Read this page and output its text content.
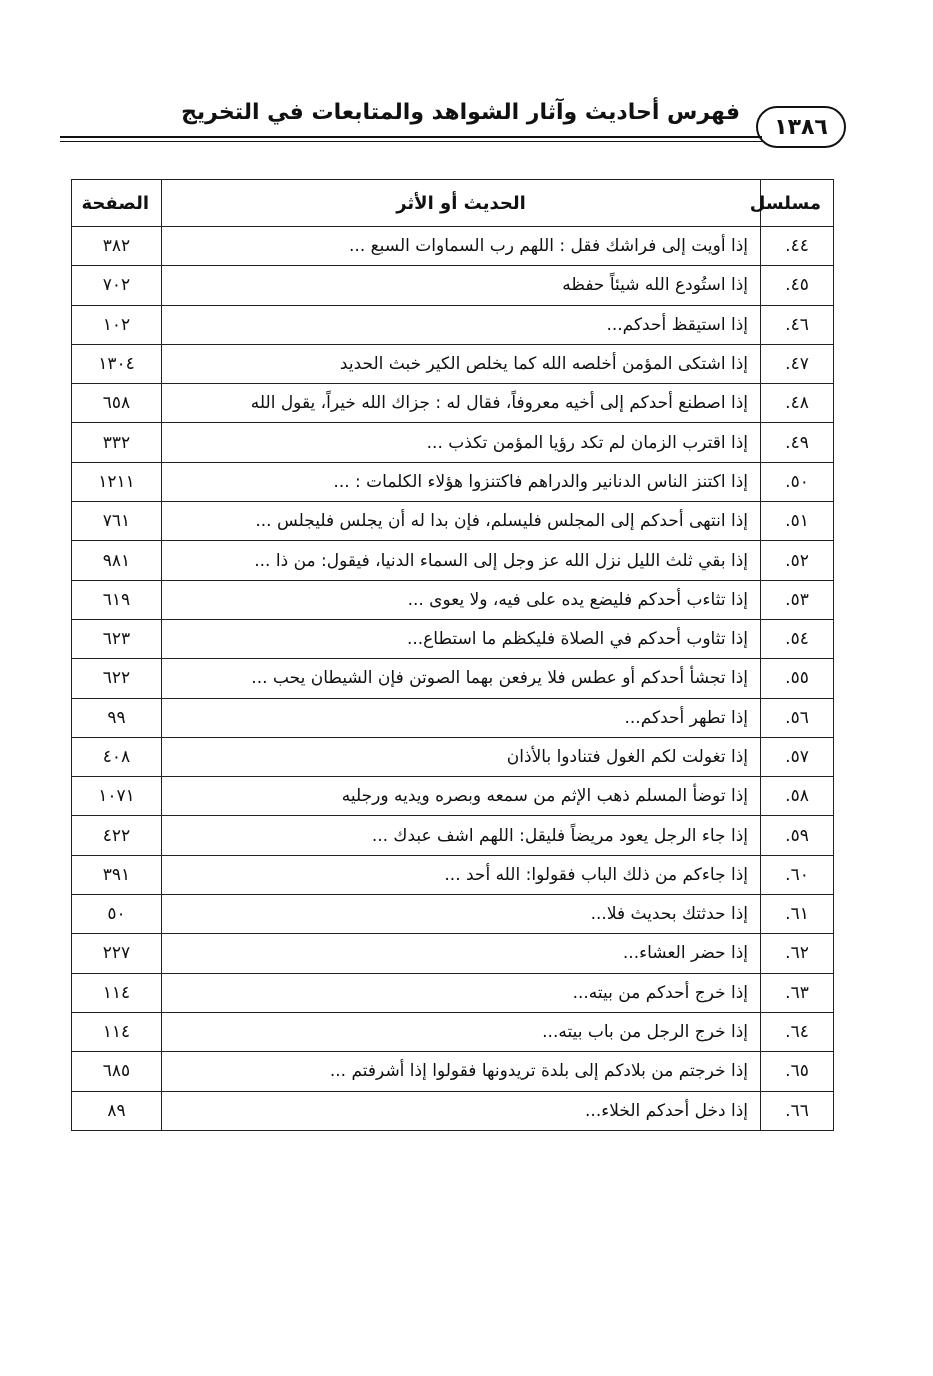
١٣٨٦
فهرس أحاديث وآثار الشواهد والمتابعات في التخريج
مسلسل	الحديث أو الأثر	الصفحة
٤٤.	إذا أويت إلى فراشك فقل : اللهم رب السماوات السبع ...	٣٨٢
٤٥.	إذا استُودع الله شيئاً حفظه	٧٠٢
٤٦.	إذا استيقظ أحدكم...	١٠٢
٤٧.	إذا اشتكى المؤمن أخلصه الله كما يخلص الكير خبث الحديد	١٣٠٤
٤٨.	إذا اصطنع أحدكم إلى أخيه معروفاً، فقال له : جزاك الله خيراً، يقول الله	٦٥٨
٤٩.	إذا اقترب الزمان لم تكد رؤيا المؤمن تكذب ...	٣٣٢
٥٠.	إذا اكتنز الناس الدنانير والدراهم فاكتنزوا هؤلاء الكلمات : ...	١٢١١
٥١.	إذا انتهى أحدكم إلى المجلس فليسلم، فإن بدا له أن يجلس فليجلس ...	٧٦١
٥٢.	إذا بقي ثلث الليل نزل الله عز وجل إلى السماء الدنيا، فيقول: من ذا ...	٩٨١
٥٣.	إذا تثاءب أحدكم فليضع يده على فيه، ولا يعوى ...	٦١٩
٥٤.	إذا تثاوب أحدكم في الصلاة فليكظم ما استطاع...	٦٢٣
٥٥.	إذا تجشأ أحدكم أو عطس فلا يرفعن بهما الصوتن فإن الشيطان يحب ...	٦٢٢
٥٦.	إذا تطهر أحدكم...	٩٩
٥٧.	إذا تغولت لكم الغول فتنادوا بالأذان	٤٠٨
٥٨.	إذا توضأ المسلم ذهب الإثم من سمعه وبصره ويديه ورجليه	١٠٧١
٥٩.	إذا جاء الرجل يعود مريضاً فليقل: اللهم اشف عبدك ...	٤٢٢
٦٠.	إذا جاءكم من ذلك الباب فقولوا: الله أحد ...	٣٩١
٦١.	إذا حدثتك بحديث فلا...	٥٠
٦٢.	إذا حضر العشاء...	٢٢٧
٦٣.	إذا خرج أحدكم من بيته...	١١٤
٦٤.	إذا خرج الرجل من باب بيته...	١١٤
٦٥.	إذا خرجتم من بلادكم إلى بلدة تريدونها فقولوا إذا أشرفتم ...	٦٨٥
٦٦.	إذا دخل أحدكم الخلاء...	٨٩
